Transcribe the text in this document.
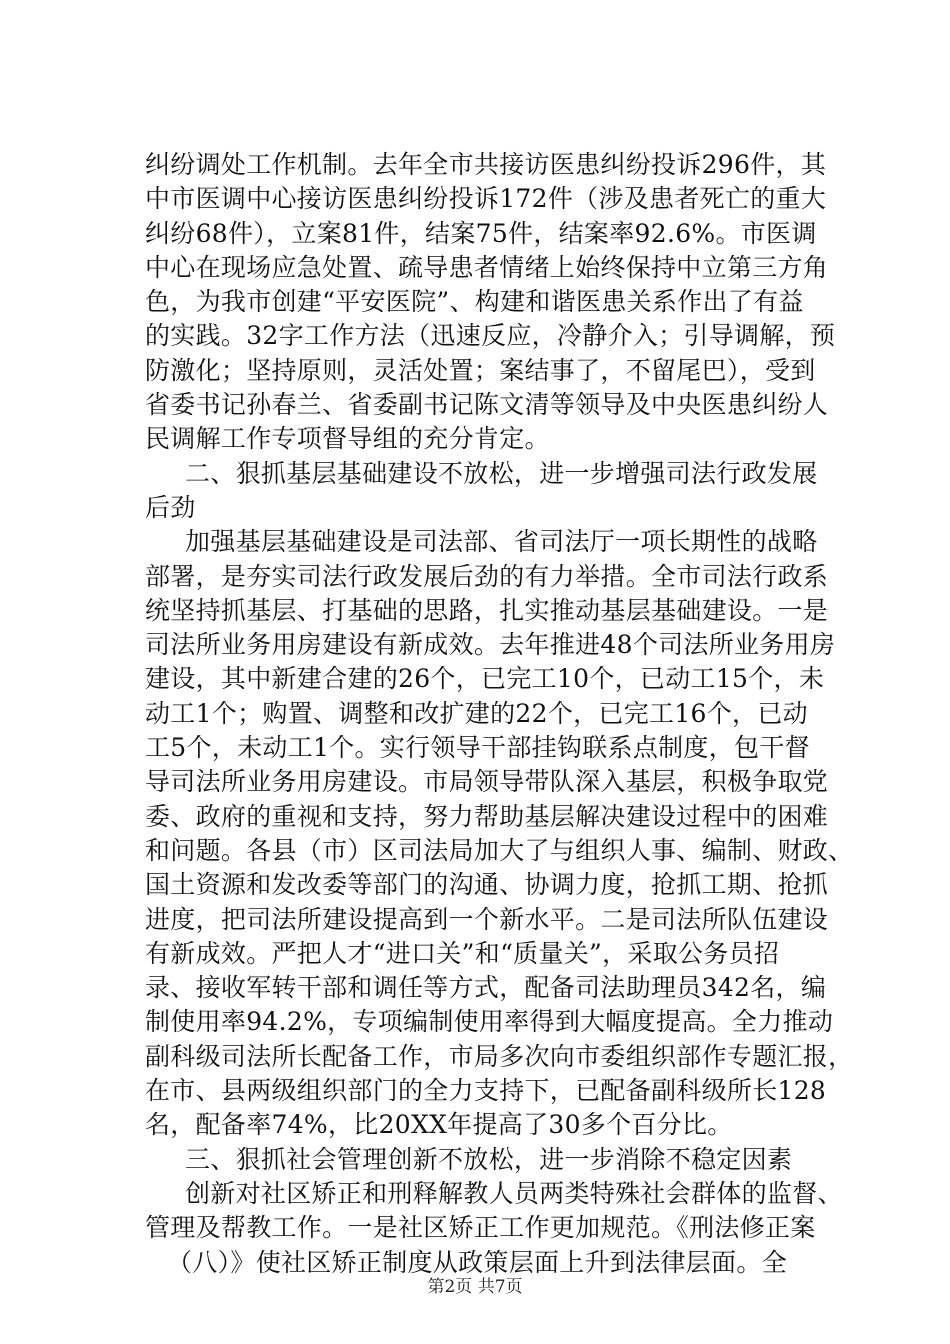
纠纷调处工作机制。去年全市共接访医患纠纷投诉296件，其
中市医调中心接访医患纠纷投诉172件（涉及患者死亡的重大
纠纷68件），立案81件，结案75件，结案率92.6%。市医调
中心在现场应急处置、疏导患者情绪上始终保持中立第三方角
色，为我市创建“平安医院”、构建和谐医患关系作出了有益
的实践。32字工作方法（迅速反应，冷静介入；引导调解，预
防激化；坚持原则，灵活处置；案结事了，不留尾巴），受到
省委书记孙春兰、省委副书记陈文清等领导及中央医患纠纷人
民调解工作专项督导组的充分肯定。
二、狠抓基层基础建设不放松，进一步增强司法行政发展
后劲
加强基层基础建设是司法部、省司法厅一项长期性的战略
部署，是夯实司法行政发展后劲的有力举措。全市司法行政系
统坚持抓基层、打基础的思路，扎实推动基层基础建设。一是
司法所业务用房建设有新成效。去年推进48个司法所业务用房
建设，其中新建合建的26个，已完工10个，已动工15个，未
动工1个；购置、调整和改扩建的22个，已完工16个，已动
工5个，未动工1个。实行领导干部挂钩联系点制度，包干督
导司法所业务用房建设。市局领导带队深入基层，积极争取党
委、政府的重视和支持，努力帮助基层解决建设过程中的困难
和问题。各县（市）区司法局加大了与组织人事、编制、财政、
国土资源和发改委等部门的沟通、协调力度，抢抓工期、抢抓
进度，把司法所建设提高到一个新水平。二是司法所队伍建设
有新成效。严把人才“进口关”和“质量关”，采取公务员招
录、接收军转干部和调任等方式，配备司法助理员342名，编
制使用率94.2%，专项编制使用率得到大幅度提高。全力推动
副科级司法所长配备工作，市局多次向市委组织部作专题汇报，
在市、县两级组织部门的全力支持下，已配备副科级所长128
名，配备率74%，比20XX年提高了30多个百分比。
三、狠抓社会管理创新不放松，进一步消除不稳定因素
创新对社区矫正和刑释解教人员两类特殊社会群体的监督、
管理及帮教工作。一是社区矫正工作更加规范。《刑法修正案
（八）》使社区矫正制度从政策层面上升到法律层面。全
第2页 共7页
